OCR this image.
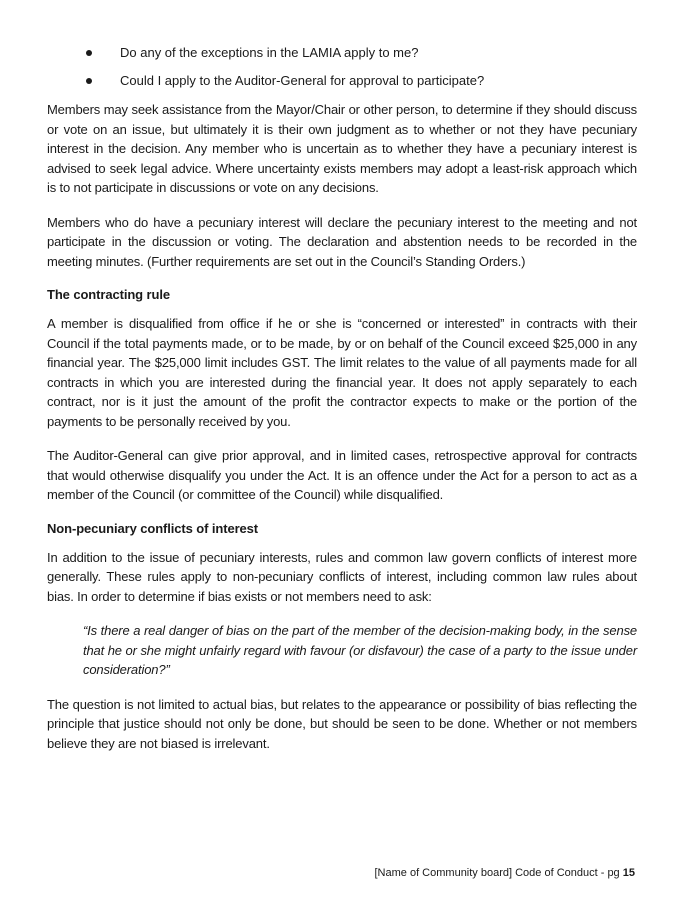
Do any of the exceptions in the LAMIA apply to me?
Could I apply to the Auditor-General for approval to participate?

Members may seek assistance from the Mayor/Chair or other person, to determine if they should discuss or vote on an issue, but ultimately it is their own judgment as to whether or not they have pecuniary interest in the decision. Any member who is uncertain as to whether they have a pecuniary interest is advised to seek legal advice. Where uncertainty exists members may adopt a least-risk approach which is to not participate in discussions or vote on any decisions.

Members who do have a pecuniary interest will declare the pecuniary interest to the meeting and not participate in the discussion or voting. The declaration and abstention needs to be recorded in the meeting minutes. (Further requirements are set out in the Council’s Standing Orders.)

The contracting rule

A member is disqualified from office if he or she is “concerned or interested” in contracts with their Council if the total payments made, or to be made, by or on behalf of the Council exceed $25,000 in any financial year. The $25,000 limit includes GST. The limit relates to the value of all payments made for all contracts in which you are interested during the financial year. It does not apply separately to each contract, nor is it just the amount of the profit the contractor expects to make or the portion of the payments to be personally received by you.

The Auditor-General can give prior approval, and in limited cases, retrospective approval for contracts that would otherwise disqualify you under the Act. It is an offence under the Act for a person to act as a member of the Council (or committee of the Council) while disqualified.

Non-pecuniary conflicts of interest

In addition to the issue of pecuniary interests, rules and common law govern conflicts of interest more generally. These rules apply to non-pecuniary conflicts of interest, including common law rules about bias. In order to determine if bias exists or not members need to ask:

“Is there a real danger of bias on the part of the member of the decision-making body, in the sense that he or she might unfairly regard with favour (or disfavour) the case of a party to the issue under consideration?”

The question is not limited to actual bias, but relates to the appearance or possibility of bias reflecting the principle that justice should not only be done, but should be seen to be done. Whether or not members believe they are not biased is irrelevant.

[Name of Community board] Code of Conduct - pg 15
